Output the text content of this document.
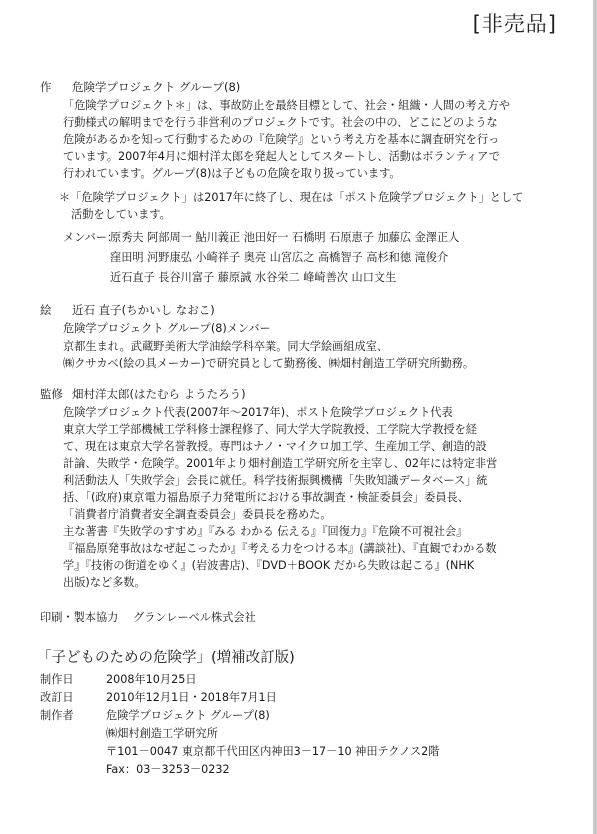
[非売品]
作 危険学プロジェクト グループ(8)
「危険学プロジェクト＊」は、事故防止を最終目標として、社会・組織・人間の考え方や
行動様式の解明までを行う非営利のプロジェクトです。社会の中の、どこにどのような
危険があるかを知って行動するための『危険学』という考え方を基本に調査研究を行っ
ています。2007年4月に畑村洋太郎を発起人としてスタートし、活動はボランティアで
行われています。グループ(8)は子どもの危険を取り扱っています。
＊「危険学プロジェクト」は2017年に終了し、現在は「ポスト危険学プロジェクト」として
活動をしています。
メンバー：
原秀夫 阿部周一 鮎川義正 池田好一 石橋明 石原恵子 加藤広 金澤正人
窪田明 河野康弘 小崎祥子 奥亮 山宮広之 高橋智子 高杉和徳 滝俊介
近石直子 長谷川富子 藤原誠 水谷栄二 峰崎善次 山口文生
絵 近石 直子(ちかいし なおこ)
危険学プロジェクト グループ(8)メンバー
京都生まれ。武蔵野美術大学油絵学科卒業。同大学絵画組成室、
㈱クサカベ(絵の具メーカー)で研究員として勤務後、㈱畑村創造工学研究所勤務。
監修 畑村洋太郎(はたむら ようたろう)
危険学プロジェクト代表(2007年〜2017年)、ポスト危険学プロジェクト代表
東京大学工学部機械工学科修士課程修了、同大学大学院教授、工学院大学教授を経
て、現在は東京大学名誉教授。専門はナノ・マイクロ加工学、生産加工学、創造的設
計論、失敗学・危険学。2001年より畑村創造工学研究所を主宰し、02年には特定非営
利活動法人「失敗学会」会長に就任。科学技術振興機構「失敗知識データベース」統
括、「(政府)東京電力福島原子力発電所における事故調査・検証委員会」委員長、
「消費者庁消費者安全調査委員会」委員長を務めた。
主な著書『失敗学のすすめ』『みる わかる 伝える』『回復力』『危険不可視社会』
『福島原発事故はなぜ起こったか』『考える力をつける本』(講談社)、『直観でわかる数
学』『技術の街道をゆく』(岩波書店)、『DVD＋BOOK だから失敗は起こる』(NHK
出版)など多数。
印刷・製本協力 グランレーベル株式会社
「子どものための危険学」(増補改訂版)
制作日	2008年10月25日
改訂日	2010年12月1日・2018年7月1日
制作者	危険学プロジェクト グループ(8)
㈱畑村創造工学研究所
〒101－0047 東京都千代田区内神田3－17－10 神田テクノス2階
Fax：03－3253－0232
